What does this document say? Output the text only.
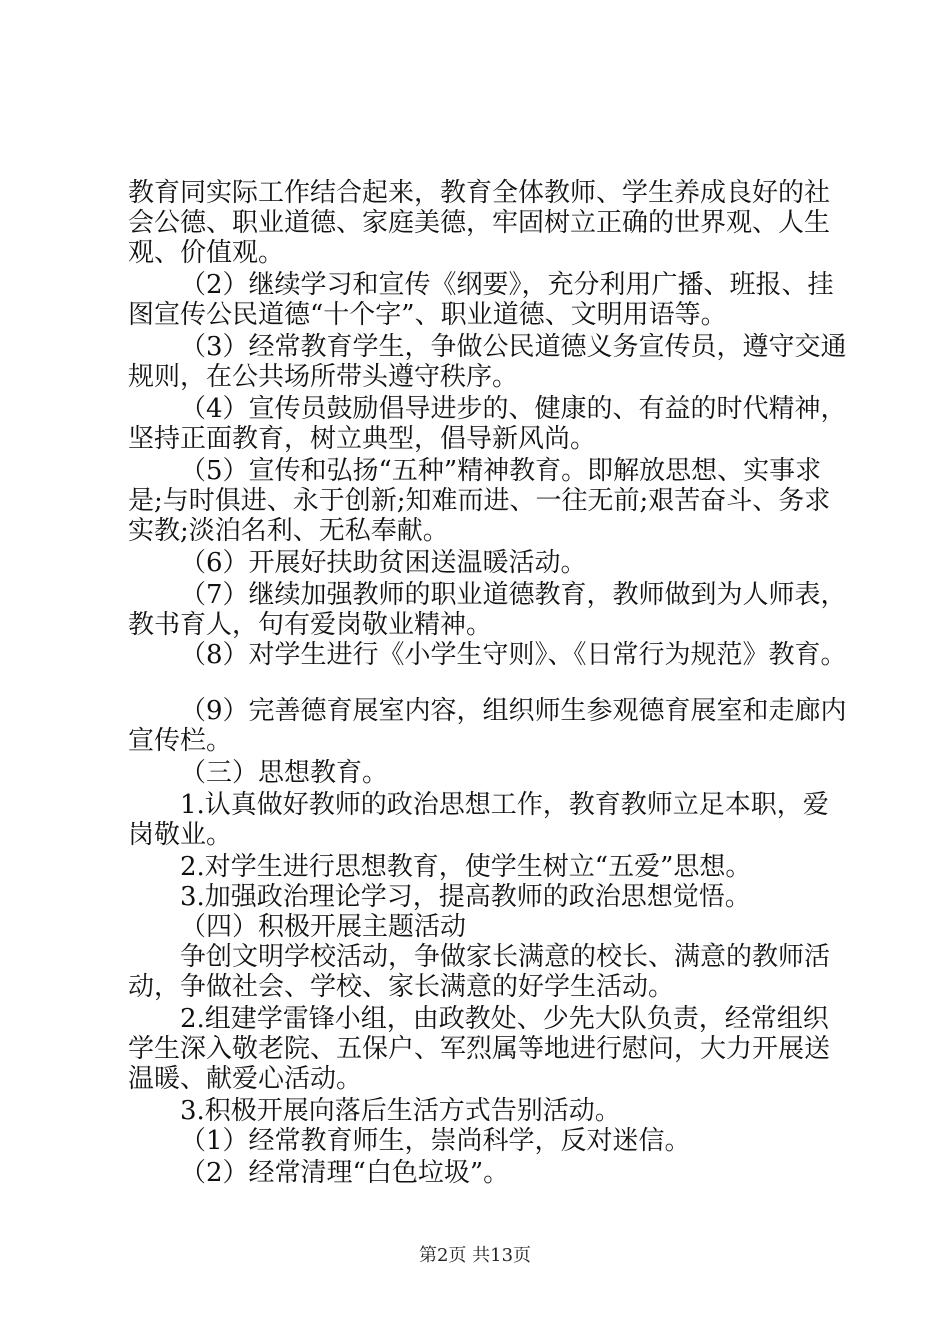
教育同实际工作结合起来，教育全体教师、学生养成良好的社
会公德、职业道德、家庭美德，牢固树立正确的世界观、人生
观、价值观。
（2）继续学习和宣传《纲要》，充分利用广播、班报、挂
图宣传公民道德“十个字”、职业道德、文明用语等。
（3）经常教育学生，争做公民道德义务宣传员，遵守交通
规则，在公共场所带头遵守秩序。
（4）宣传员鼓励倡导进步的、健康的、有益的时代精神，
坚持正面教育，树立典型，倡导新风尚。
（5）宣传和弘扬“五种”精神教育。即解放思想、实事求
是;与时俱进、永于创新;知难而进、一往无前;艰苦奋斗、务求
实教;淡泊名利、无私奉献。
（6）开展好扶助贫困送温暖活动。
（7）继续加强教师的职业道德教育，教师做到为人师表，
教书育人，句有爱岗敬业精神。
（8）对学生进行《小学生守则》、《日常行为规范》教育。
（9）完善德育展室内容，组织师生参观德育展室和走廊内
宣传栏。
（三）思想教育。
1.认真做好教师的政治思想工作，教育教师立足本职，爱
岗敬业。
2.对学生进行思想教育，使学生树立“五爱”思想。
3.加强政治理论学习，提高教师的政治思想觉悟。
（四）积极开展主题活动
争创文明学校活动，争做家长满意的校长、满意的教师活
动，争做社会、学校、家长满意的好学生活动。
2.组建学雷锋小组，由政教处、少先大队负责，经常组织
学生深入敬老院、五保户、军烈属等地进行慰问，大力开展送
温暖、献爱心活动。
3.积极开展向落后生活方式告别活动。
（1）经常教育师生，崇尚科学，反对迷信。
（2）经常清理“白色垃圾”。
第2页 共13页
